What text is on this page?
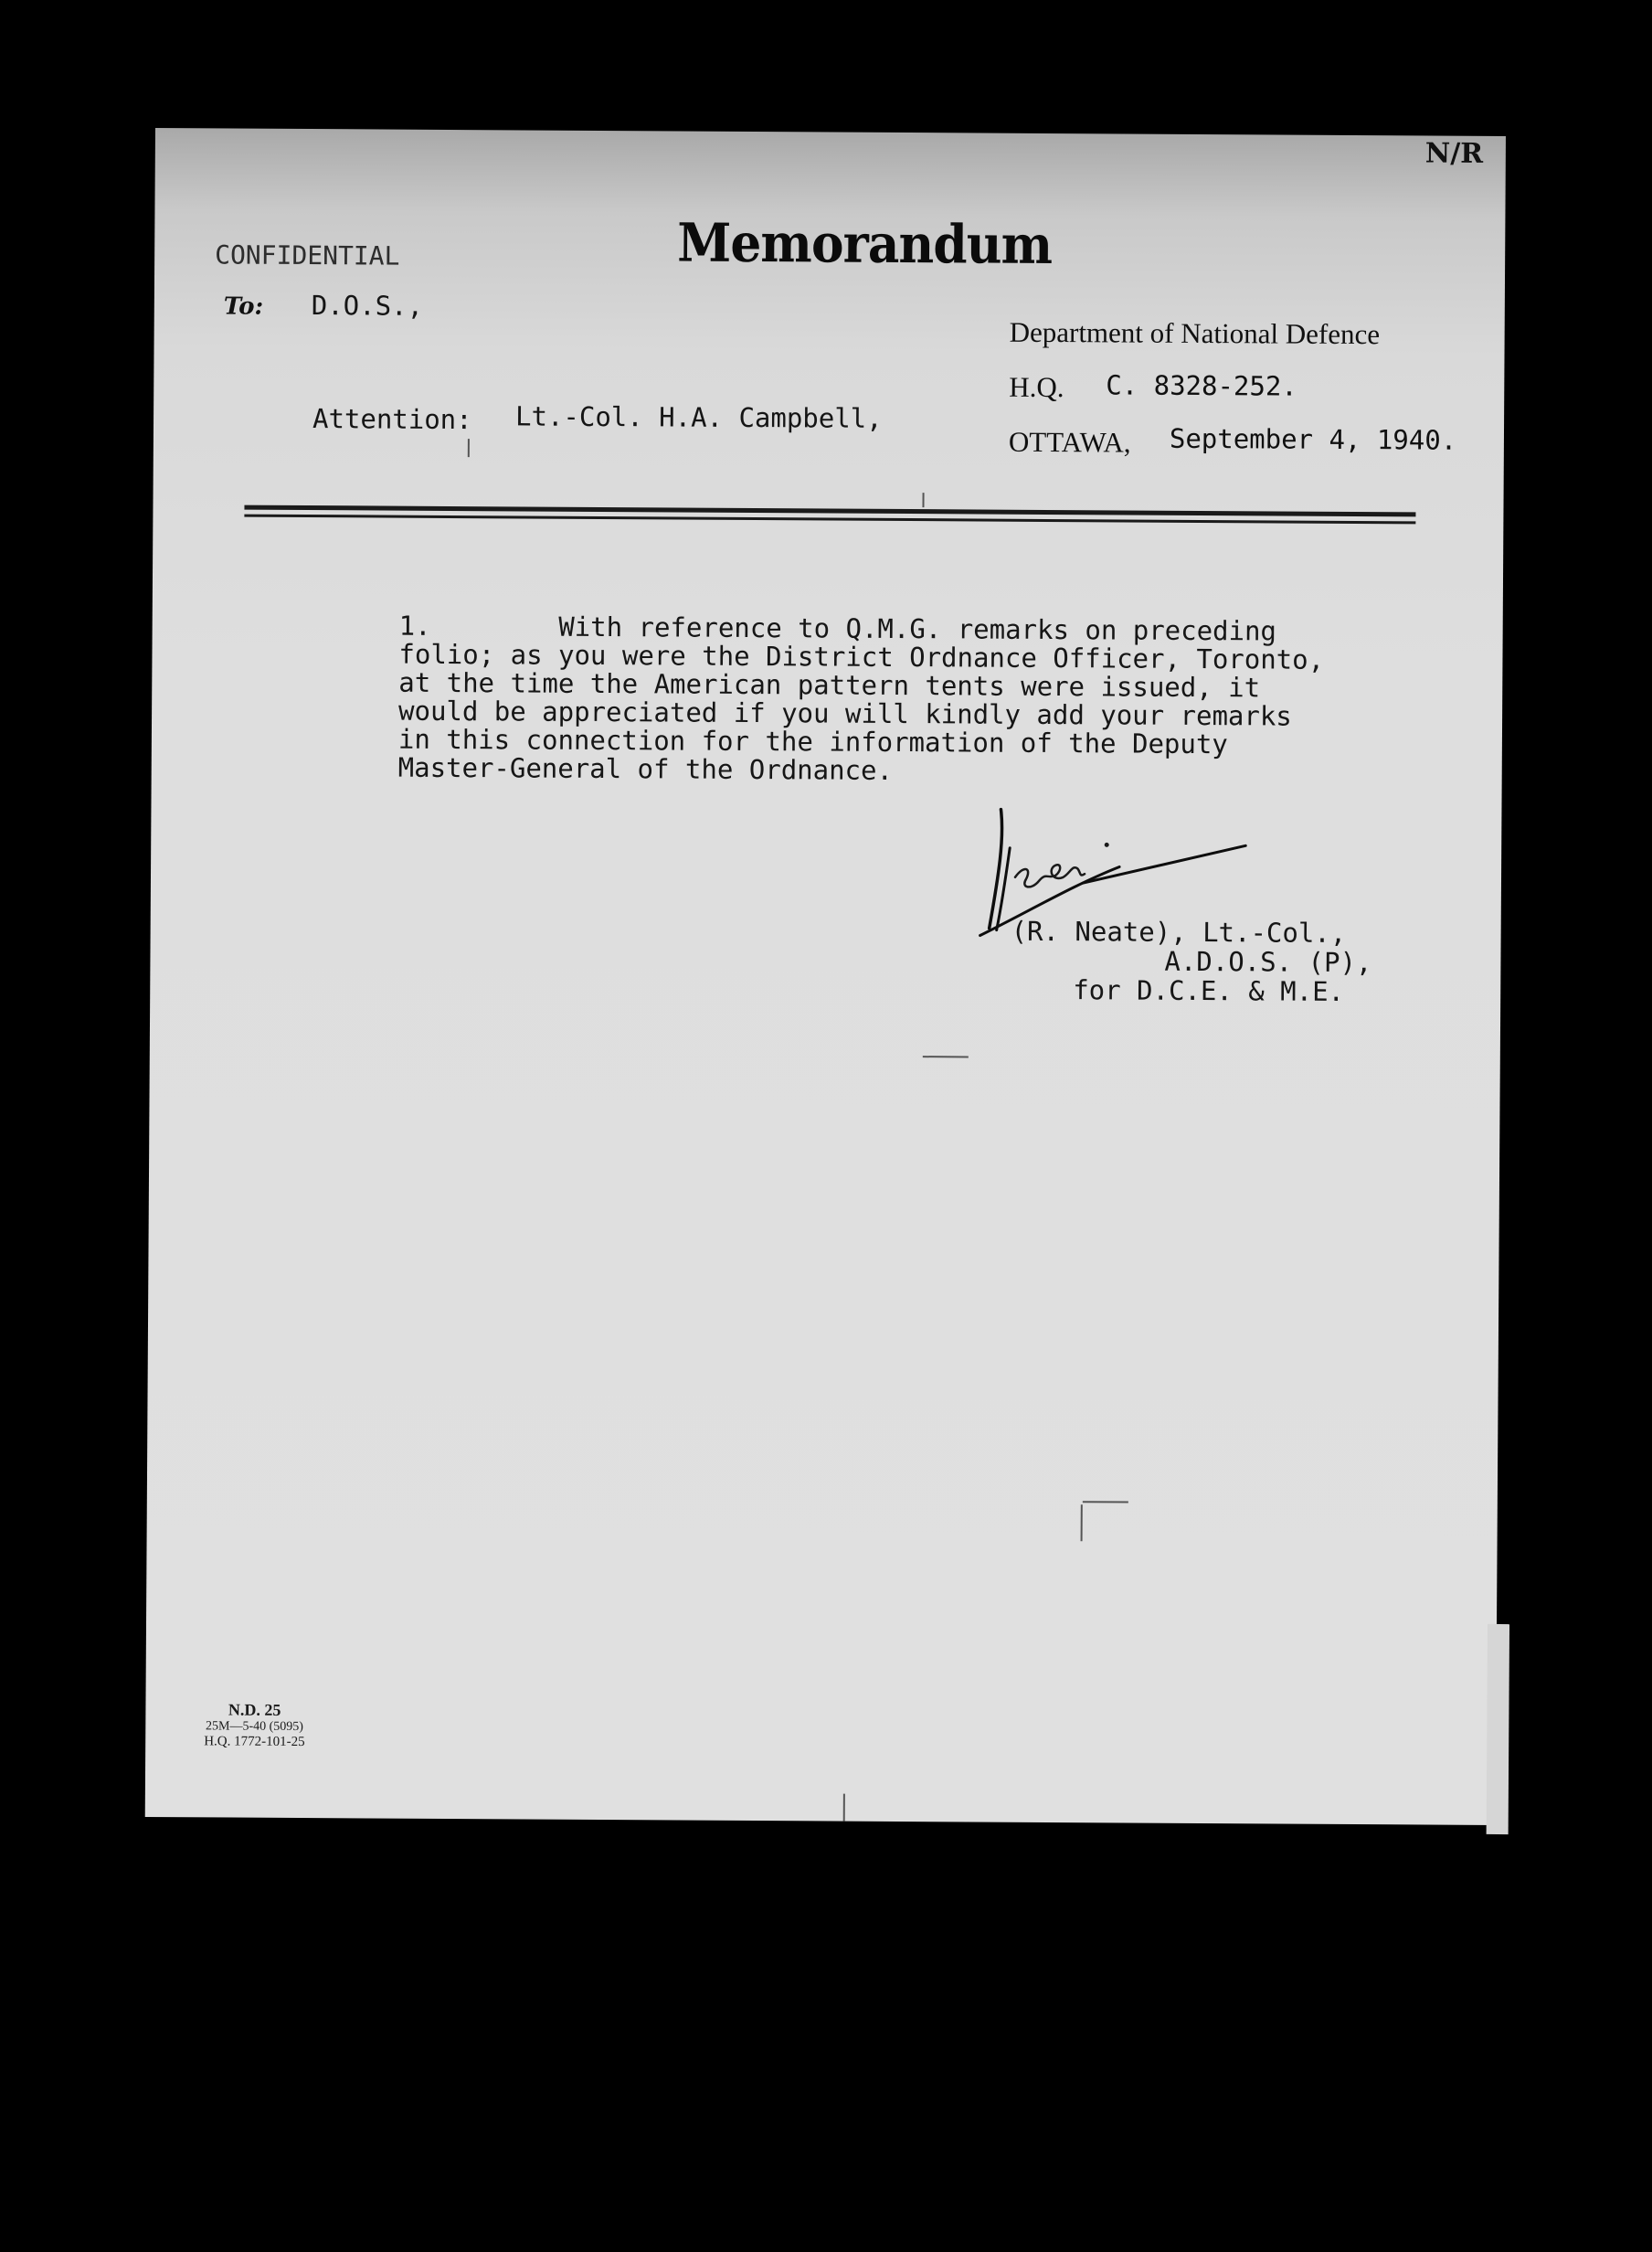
N/R
Memorandum
CONFIDENTIAL
To: D.O.S.,
Department of National Defence
H.Q. C. 8328-252.
Attention: Lt.-Col. H.A. Campbell,
OTTAWA, September 4, 1940.
1.	With reference to Q.M.G. remarks on preceding
folio; as you were the District Ordnance Officer, Toronto,
at the time the American pattern tents were issued, it
would be appreciated if you will kindly add your remarks
in this connection for the information of the Deputy
Master-General of the Ordnance.
(R. Neate), Lt.-Col.,
A.D.O.S. (P),
for D.C.E. & M.E.
N.D. 25
25M—5-40 (5095)
H.Q. 1772-101-25
